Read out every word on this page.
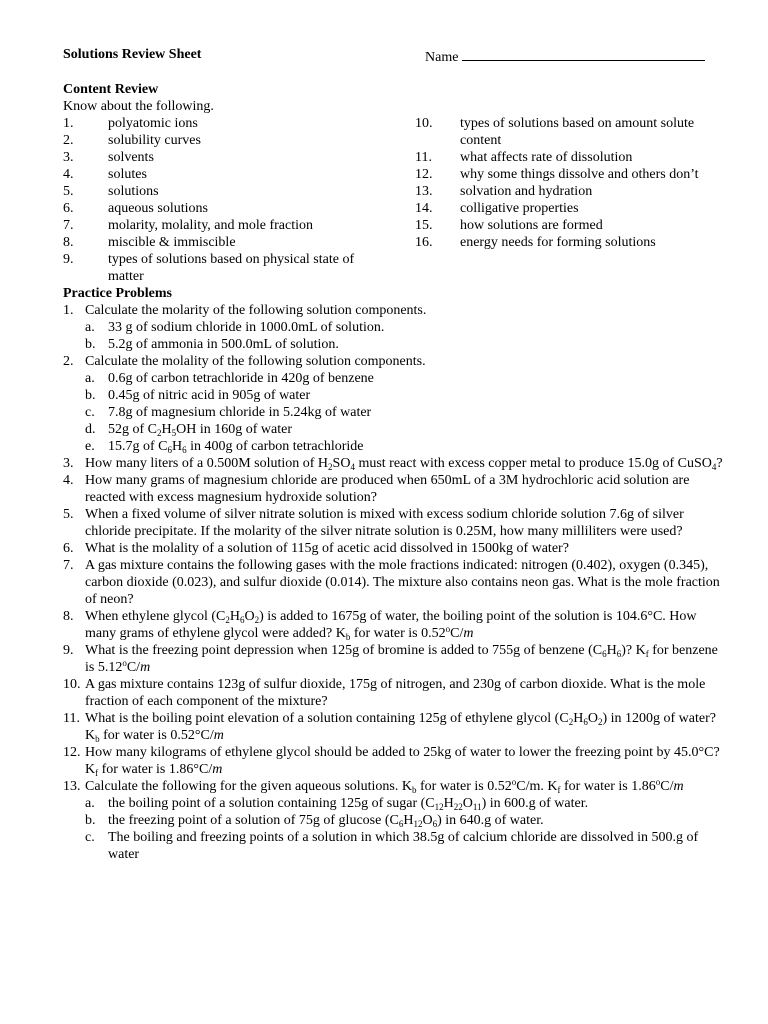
Solutions Review Sheet	Name
Content Review
Know about the following.
1. polyatomic ions
2. solubility curves
3. solvents
4. solutes
5. solutions
6. aqueous solutions
7. molarity, molality, and mole fraction
8. miscible & immiscible
9. types of solutions based on physical state of matter
10. types of solutions based on amount solute content
11. what affects rate of dissolution
12. why some things dissolve and others don’t
13. solvation and hydration
14. colligative properties
15. how solutions are formed
16. energy needs for forming solutions
Practice Problems
1. Calculate the molarity of the following solution components.
a. 33 g of sodium chloride in 1000.0mL of solution.
b. 5.2g of ammonia in 500.0mL of solution.
2. Calculate the molality of the following solution components.
a. 0.6g of carbon tetrachloride in 420g of benzene
b. 0.45g of nitric acid in 905g of water
c. 7.8g of magnesium chloride in 5.24kg of water
d. 52g of $C_2H_5OH$ in 160g of water
e. 15.7g of $C_6H_6$ in 400g of carbon tetrachloride
3. How many liters of a 0.500M solution of $H_2SO_4$ must react with excess copper metal to produce 15.0g of CuSO$_4$?
4. How many grams of magnesium chloride are produced when 650mL of a 3M hydrochloric acid solution are reacted with excess magnesium hydroxide solution?
5. When a fixed volume of silver nitrate solution is mixed with excess sodium chloride solution 7.6g of silver chloride precipitate. If the molarity of the silver nitrate solution is 0.25M, how many milliliters were used?
6. What is the molality of a solution of 115g of acetic acid dissolved in 1500kg of water?
7. A gas mixture contains the following gases with the mole fractions indicated: nitrogen (0.402), oxygen (0.345), carbon dioxide (0.023), and sulfur dioxide (0.014). The mixture also contains neon gas. What is the mole fraction of neon?
8. When ethylene glycol $(C_2H_6O_2)$ is added to 1675g of water, the boiling point of the solution is 104.6°C. How many grams of ethylene glycol were added? $K_b$ for water is 0.52$^o$C/m
9. What is the freezing point depression when 125g of bromine is added to 755g of benzene $(C_6H_6)$? $K_f$ for benzene is 5.12$^o$C/m
10. A gas mixture contains 123g of sulfur dioxide, 175g of nitrogen, and 230g of carbon dioxide. What is the mole fraction of each component of the mixture?
11. What is the boiling point elevation of a solution containing 125g of ethylene glycol $(C_2H_6O_2)$ in 1200g of water? $K_b$ for water is 0.52°C/m
12. How many kilograms of ethylene glycol should be added to 25kg of water to lower the freezing point by 45.0°C? $K_f$ for water is 1.86°C/m
13. Calculate the following for the given aqueous solutions. $K_b$ for water is 0.52$^o$C/m. $K_f$ for water is 1.86$^o$C/m
a. the boiling point of a solution containing 125g of sugar $(C_{12}H_{22}O_{11})$ in 600.g of water.
b. the freezing point of a solution of 75g of glucose $(C_6H_{12}O_6)$ in 640.g of water.
c. The boiling and freezing points of a solution in which 38.5g of calcium chloride are dissolved in 500.g of water
